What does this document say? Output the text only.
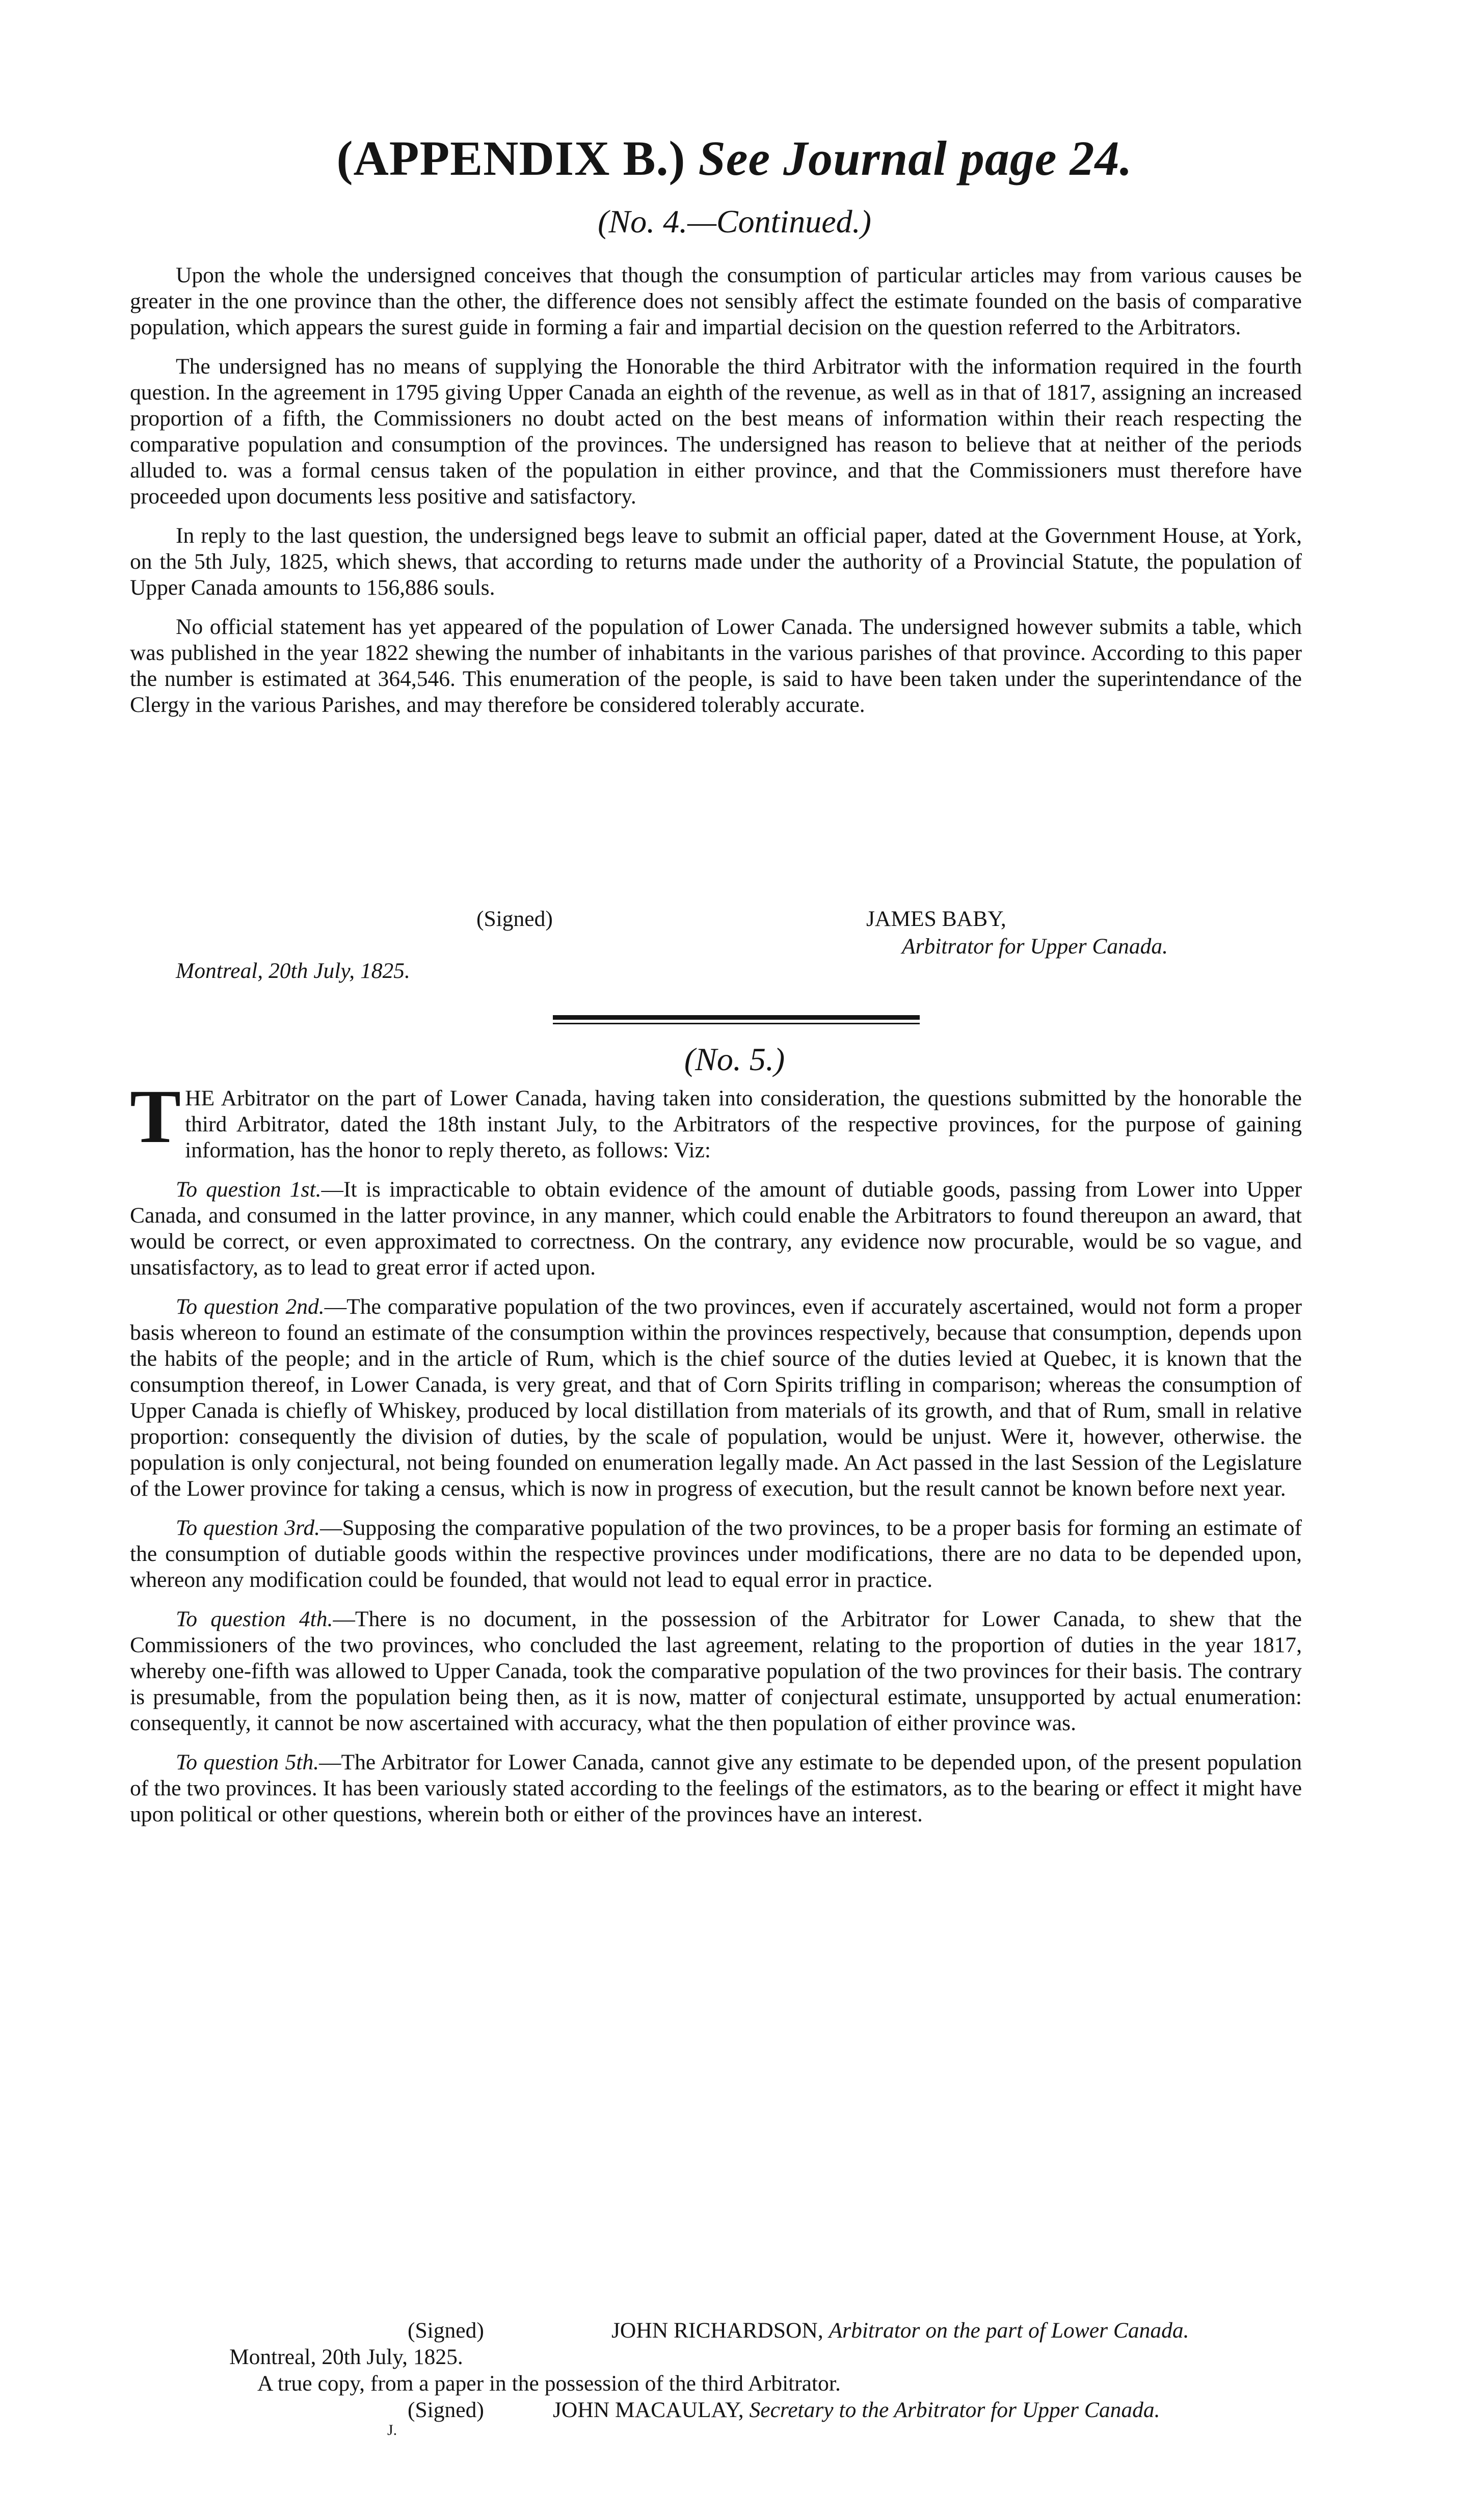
(APPENDIX B.) See Journal page 24.
(No. 4.—Continued.)

Upon the whole the undersigned conceives that though the consumption of particular articles may from various causes be greater in the one province than the other, the difference does not sensibly affect the estimate founded on the basis of comparative population, which appears the surest guide in forming a fair and impartial decision on the question referred to the Arbitrators.

The undersigned has no means of supplying the Honorable the third Arbitrator with the information required in the fourth question. In the agreement in 1795 giving Upper Canada an eighth of the revenue, as well as in that of 1817, assigning an increased proportion of a fifth, the Commissioners no doubt acted on the best means of information within their reach respecting the comparative population and consumption of the provinces. The undersigned has reason to believe that at neither of the periods alluded to. was a formal census taken of the population in either province, and that the Commissioners must therefore have proceeded upon documents less positive and satisfactory.

In reply to the last question, the undersigned begs leave to submit an official paper, dated at the Government House, at York, on the 5th July, 1825, which shews, that according to returns made under the authority of a Provincial Statute, the population of Upper Canada amounts to 156,886 souls.

No official statement has yet appeared of the population of Lower Canada. The undersigned however submits a table, which was published in the year 1822 shewing the number of inhabitants in the various parishes of that province. According to this paper the number is estimated at 364,546. This enumeration of the people, is said to have been taken under the superintendance of the Clergy in the various Parishes, and may therefore be considered tolerably accurate.

(Signed)	JAMES BABY,
Arbitrator for Upper Canada.
Montreal, 20th July, 1825.
(No. 5.)

THE Arbitrator on the part of Lower Canada, having taken into consideration, the questions submitted by the honorable the third Arbitrator, dated the 18th instant July, to the Arbitrators of the respective provinces, for the purpose of gaining information, has the honor to reply thereto, as follows: Viz:

To question 1st.—It is impracticable to obtain evidence of the amount of dutiable goods, passing from Lower into Upper Canada, and consumed in the latter province, in any manner, which could enable the Arbitrators to found thereupon an award, that would be correct, or even approximated to correctness. On the contrary, any evidence now procurable, would be so vague, and unsatisfactory, as to lead to great error if acted upon.

To question 2nd.—The comparative population of the two provinces, even if accurately ascertained, would not form a proper basis whereon to found an estimate of the consumption within the provinces respectively, because that consumption, depends upon the habits of the people; and in the article of Rum, which is the chief source of the duties levied at Quebec, it is known that the consumption thereof, in Lower Canada, is very great, and that of Corn Spirits trifling in comparison; whereas the consumption of Upper Canada is chiefly of Whiskey, produced by local distillation from materials of its growth, and that of Rum, small in relative proportion: consequently the division of duties, by the scale of population, would be unjust. Were it, however, otherwise. the population is only conjectural, not being founded on enumeration legally made. An Act passed in the last Session of the Legislature of the Lower province for taking a census, which is now in progress of execution, but the result cannot be known before next year.

To question 3rd.—Supposing the comparative population of the two provinces, to be a proper basis for forming an estimate of the consumption of dutiable goods within the respective provinces under modifications, there are no data to be depended upon, whereon any modification could be founded, that would not lead to equal error in practice.

To question 4th.—There is no document, in the possession of the Arbitrator for Lower Canada, to shew that the Commissioners of the two provinces, who concluded the last agreement, relating to the proportion of duties in the year 1817, whereby one-fifth was allowed to Upper Canada, took the comparative population of the two provinces for their basis. The contrary is presumable, from the population being then, as it is now, matter of conjectural estimate, unsupported by actual enumeration: consequently, it cannot be now ascertained with accuracy, what the then population of either province was.

To question 5th.—The Arbitrator for Lower Canada, cannot give any estimate to be depended upon, of the present population of the two provinces. It has been variously stated according to the feelings of the estimators, as to the bearing or effect it might have upon political or other questions, wherein both or either of the provinces have an interest.

(Signed)	JOHN RICHARDSON, Arbitrator on the part of Lower Canada.
Montreal, 20th July, 1825.
A true copy, from a paper in the possession of the third Arbitrator.
(Signed)	JOHN MACAULAY, Secretary to the Arbitrator for Upper Canada.
J.
